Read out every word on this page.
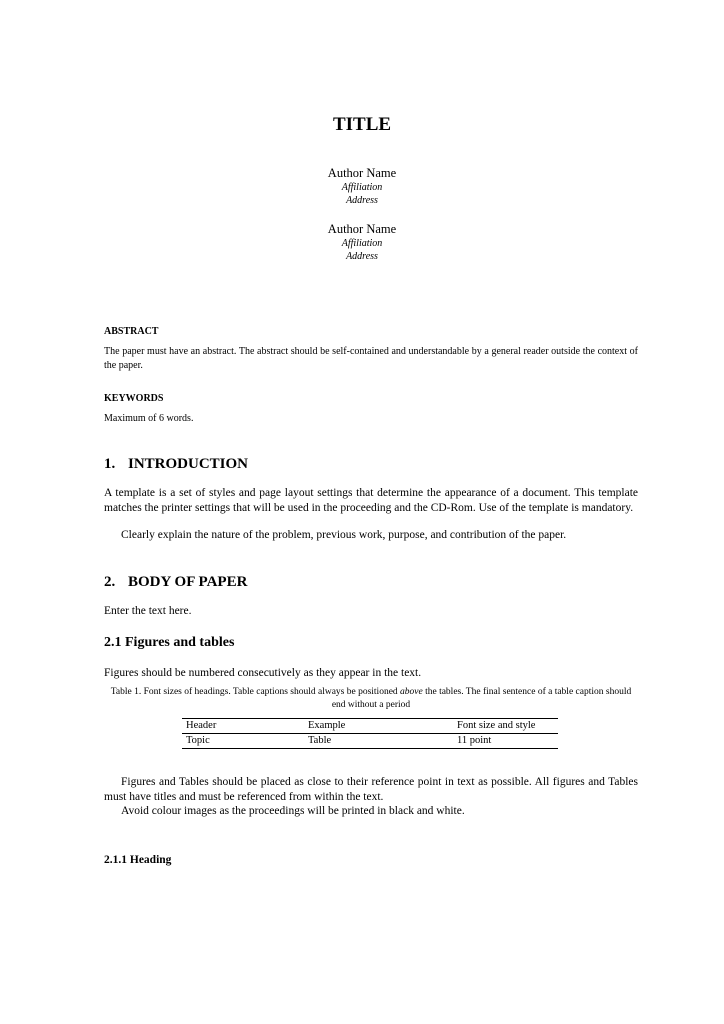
TITLE
Author Name
Affiliation
Address
Author Name
Affiliation
Address
ABSTRACT
The paper must have an abstract. The abstract should be self-contained and understandable by a general reader outside the context of the paper.
KEYWORDS
Maximum of 6 words.
1. INTRODUCTION
A template is a set of styles and page layout settings that determine the appearance of a document. This template matches the printer settings that will be used in the proceeding and the CD-Rom. Use of the template is mandatory.
Clearly explain the nature of the problem, previous work, purpose, and contribution of the paper.
2. BODY OF PAPER
Enter the text here.
2.1 Figures and tables
Figures should be numbered consecutively as they appear in the text.
Table 1. Font sizes of headings. Table captions should always be positioned above the tables. The final sentence of a table caption should end without a period
Header	Example	Font size and style
Topic	Table	11 point
Figures and Tables should be placed as close to their reference point in text as possible. All figures and Tables must have titles and must be referenced from within the text.
Avoid colour images as the proceedings will be printed in black and white.
2.1.1 Heading
